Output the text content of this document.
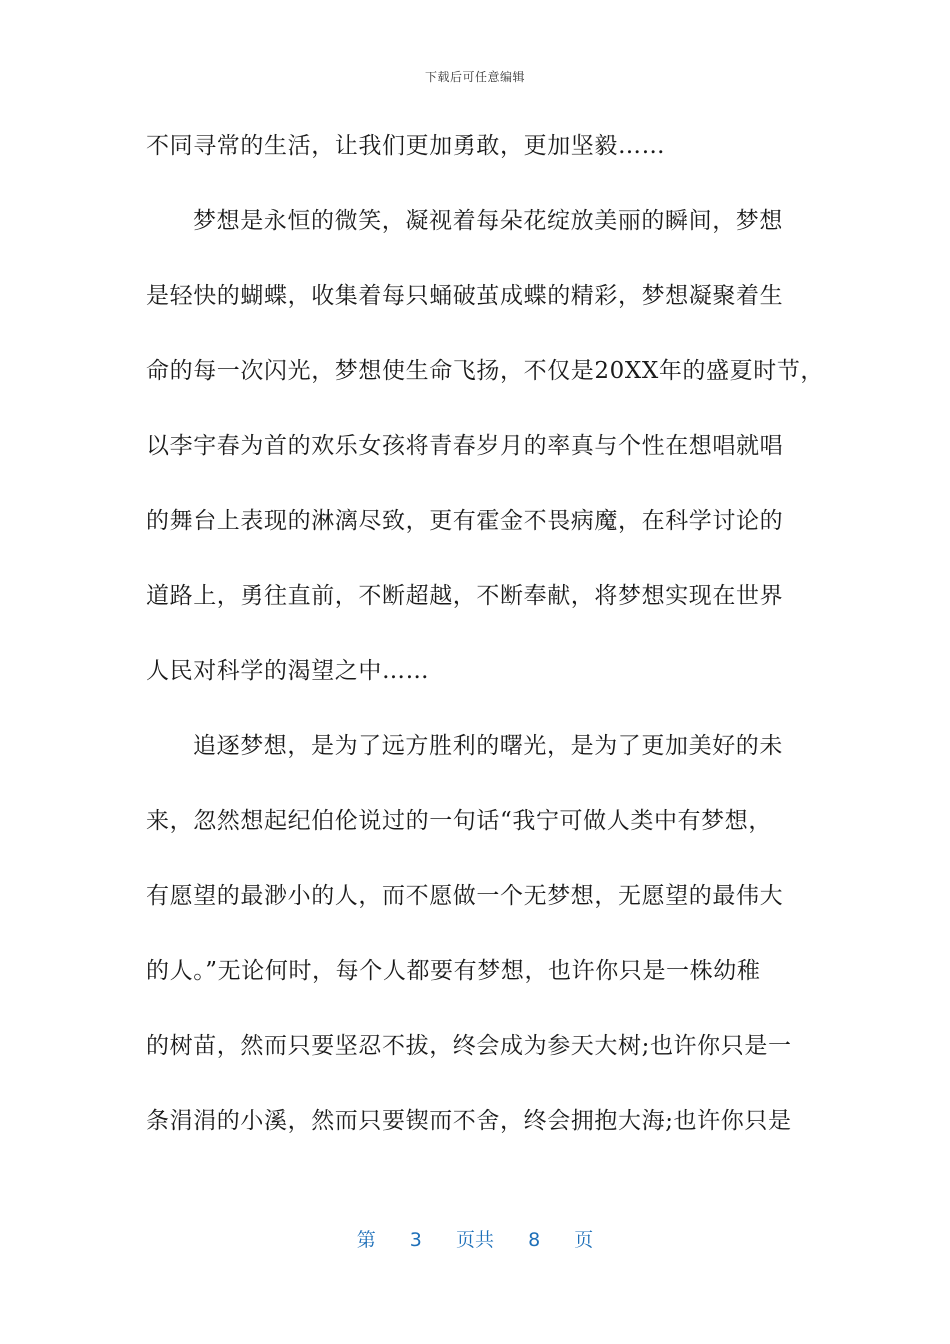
下载后可任意编辑
不同寻常的生活，让我们更加勇敢，更加坚毅……
梦想是永恒的微笑，凝视着每朵花绽放美丽的瞬间，梦想
是轻快的蝴蝶，收集着每只蛹破茧成蝶的精彩，梦想凝聚着生
命的每一次闪光，梦想使生命飞扬，不仅是20XX年的盛夏时节，
以李宇春为首的欢乐女孩将青春岁月的率真与个性在想唱就唱
的舞台上表现的淋漓尽致，更有霍金不畏病魔，在科学讨论的
道路上，勇往直前，不断超越，不断奉献，将梦想实现在世界
人民对科学的渴望之中……
追逐梦想，是为了远方胜利的曙光，是为了更加美好的未
来，忽然想起纪伯伦说过的一句话“我宁可做人类中有梦想，
有愿望的最渺小的人，而不愿做一个无梦想，无愿望的最伟大
的人。”无论何时，每个人都要有梦想，也许你只是一株幼稚
的树苗，然而只要坚忍不拔，终会成为参天大树;也许你只是一
条涓涓的小溪，然而只要锲而不舍，终会拥抱大海;也许你只是
第 3 页共 8 页
